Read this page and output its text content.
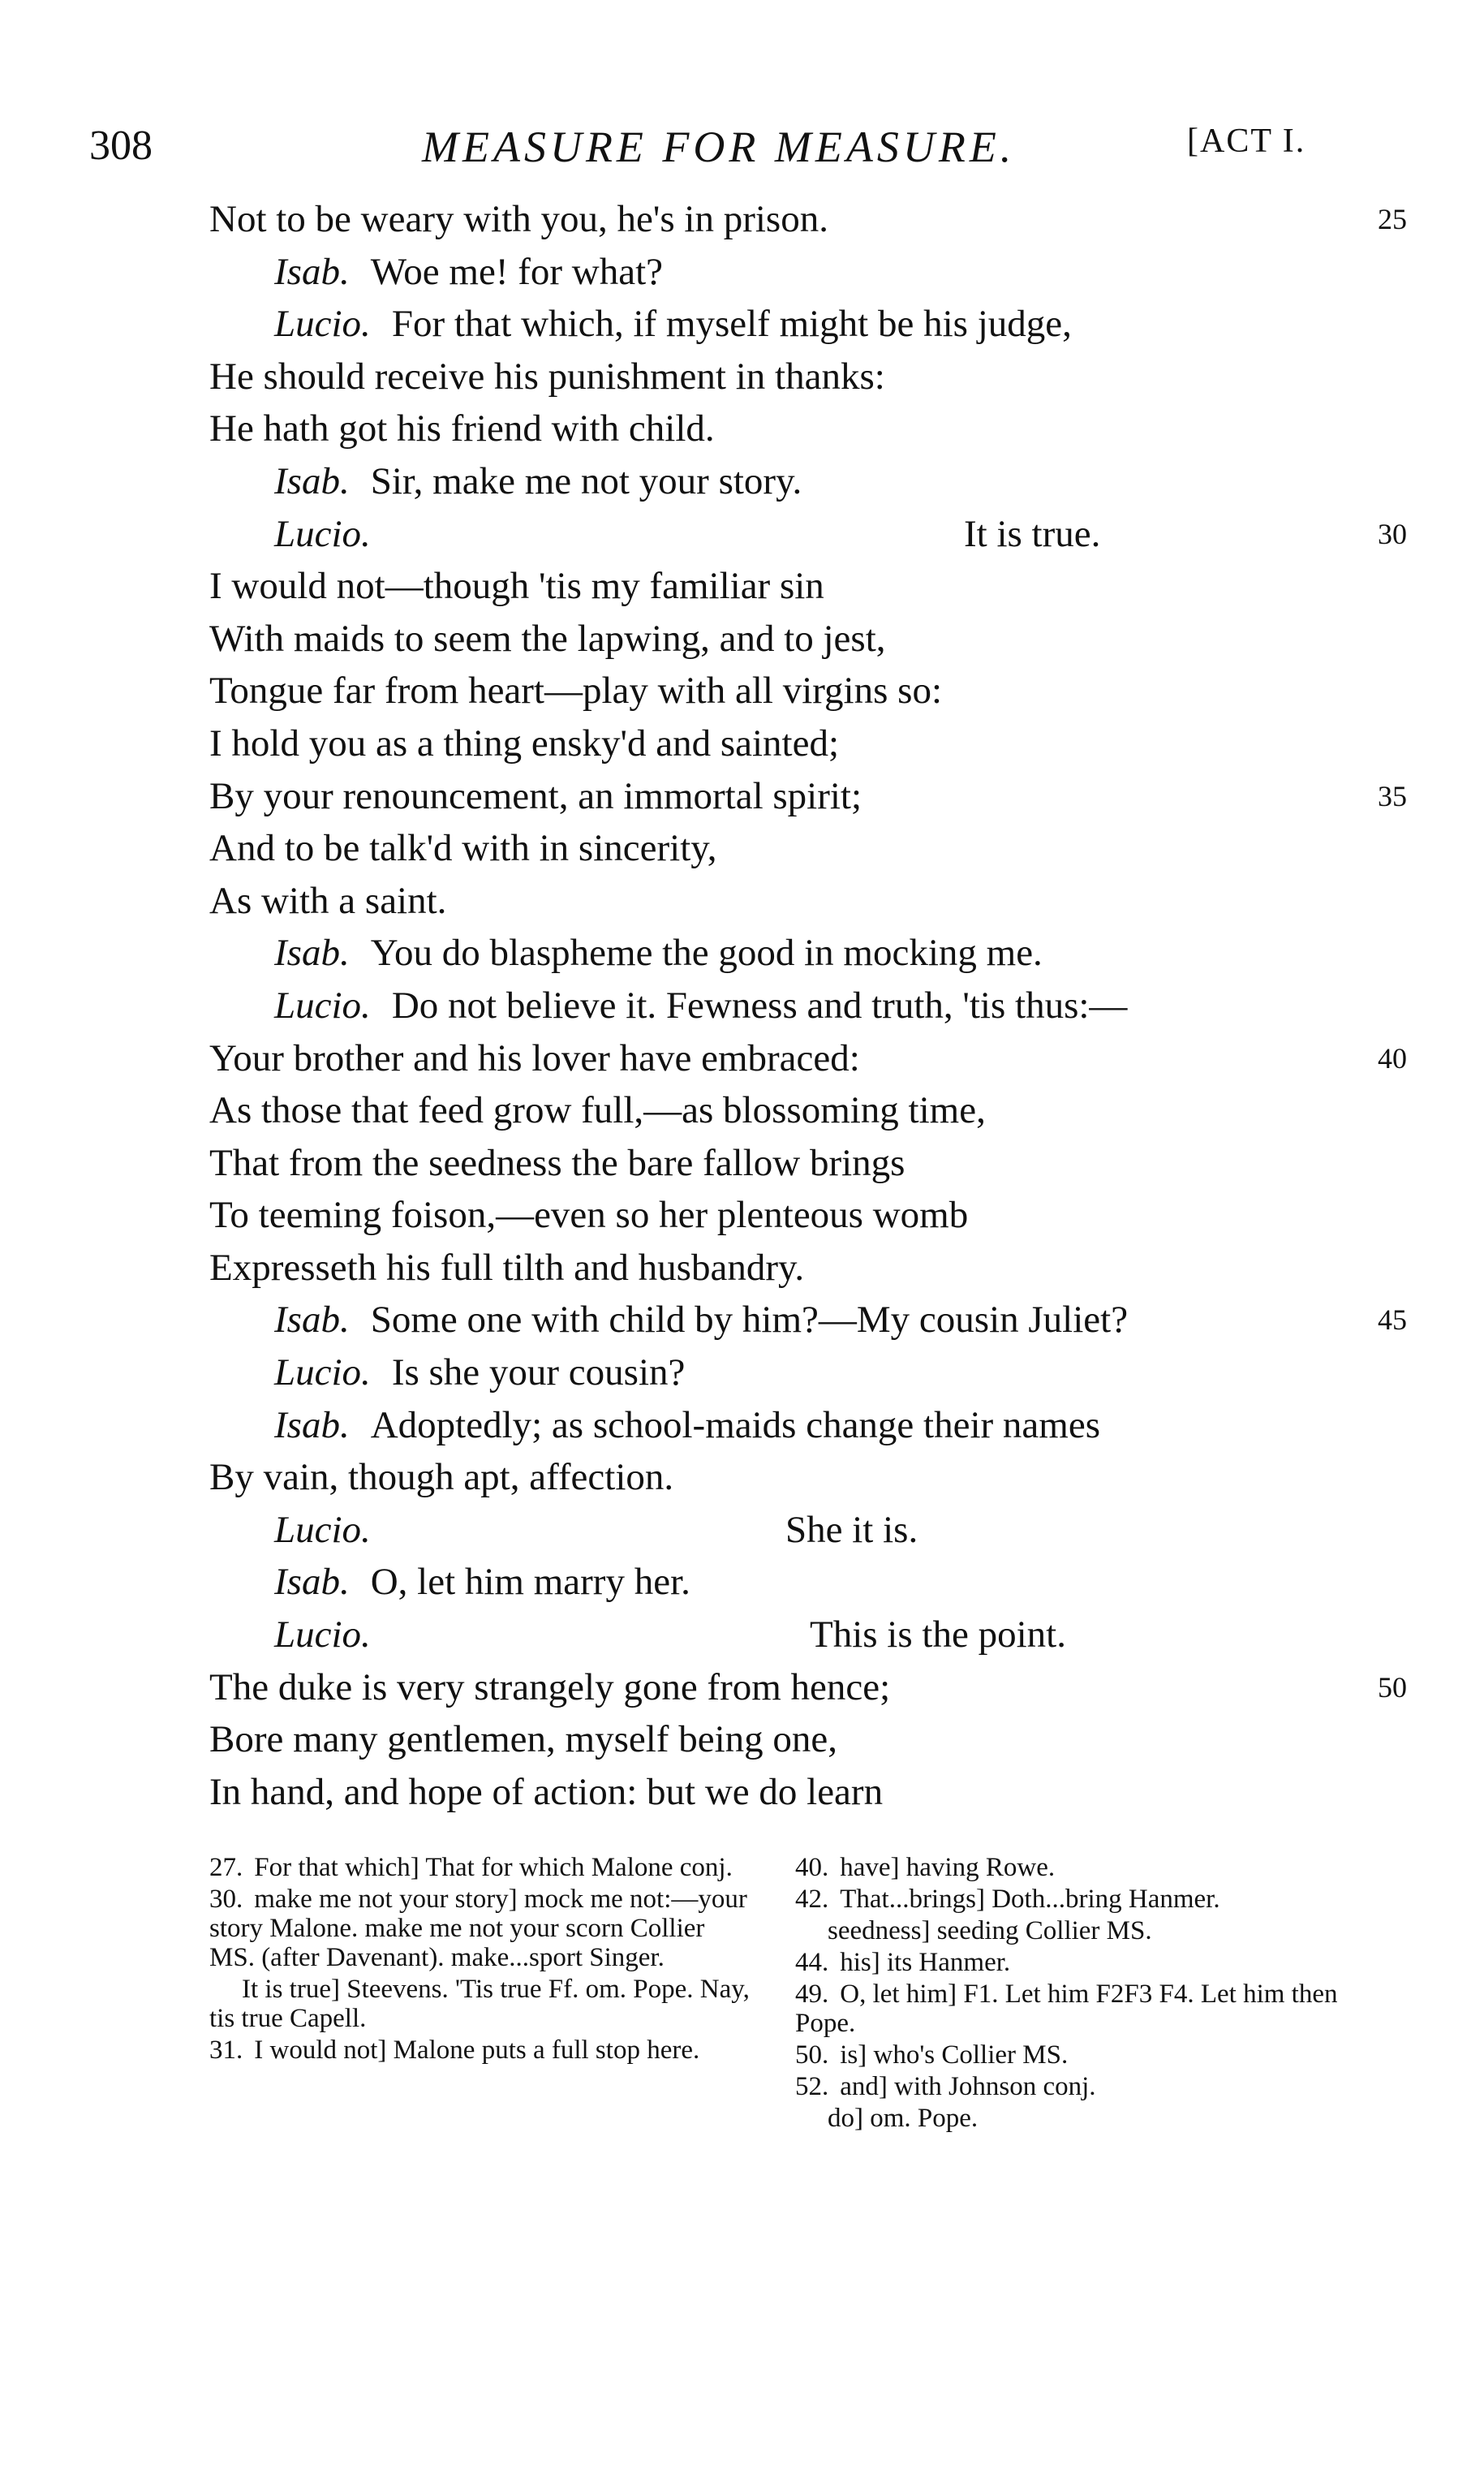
308	MEASURE FOR MEASURE.	[ACT I.
Not to be weary with you, he's in prison.	25
Isab. Woe me! for what?
Lucio. For that which, if myself might be his judge,
He should receive his punishment in thanks:
He hath got his friend with child.
Isab. Sir, make me not your story.
Lucio.	It is true.	30
I would not—though 'tis my familiar sin
With maids to seem the lapwing, and to jest,
Tongue far from heart—play with all virgins so:
I hold you as a thing ensky'd and sainted;
By your renouncement, an immortal spirit;	35
And to be talk'd with in sincerity,
As with a saint.
Isab. You do blaspheme the good in mocking me.
Lucio. Do not believe it. Fewness and truth, 'tis thus:—
Your brother and his lover have embraced:	40
As those that feed grow full,—as blossoming time,
That from the seedness the bare fallow brings
To teeming foison,—even so her plenteous womb
Expresseth his full tilth and husbandry.
Isab. Some one with child by him?—My cousin Juliet?	45
Lucio. Is she your cousin?
Isab. Adoptedly; as school-maids change their names
By vain, though apt, affection.
Lucio.	She it is.
Isab. O, let him marry her.
Lucio.	This is the point.
The duke is very strangely gone from hence;	50
Bore many gentlemen, myself being one,
In hand, and hope of action: but we do learn
27. For that which] That for which Malone conj.
30. make me not your story] mock me not:—your story Malone. make me not your scorn Collier MS. (after Davenant). make...sport Singer.
It is true] Steevens. 'Tis true Ff. om. Pope. Nay, tis true Capell.
31. I would not] Malone puts a full stop here.
40. have] having Rowe.
42. That...brings] Doth...bring Hanmer.
seedness] seeding Collier MS.
44. his] its Hanmer.
49. O, let him] F1. Let him F2F3 F4. Let him then Pope.
50. is] who's Collier MS.
52. and] with Johnson conj.
do] om. Pope.
